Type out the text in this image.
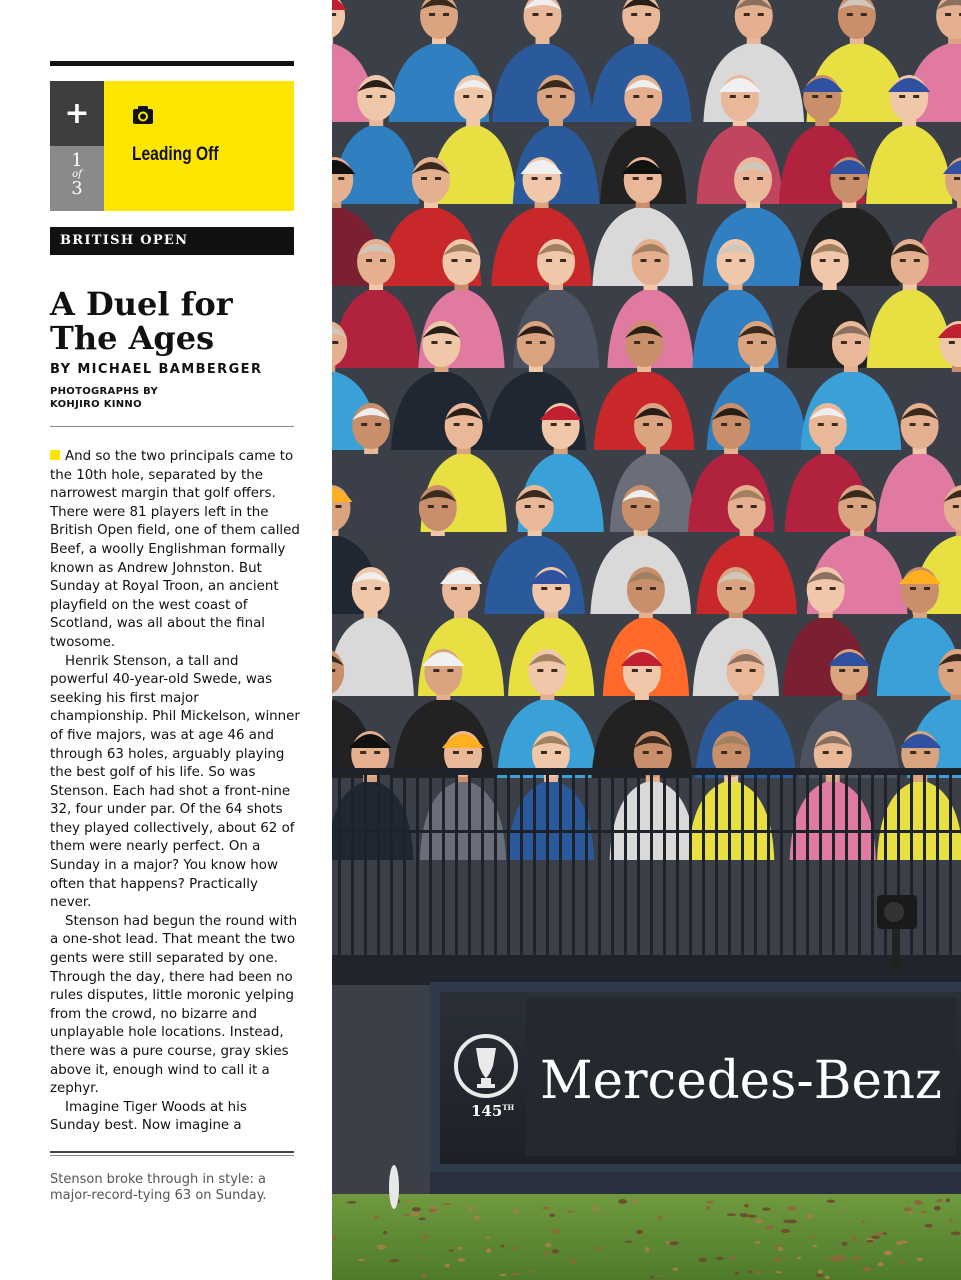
+
1
of
3
Leading Off
BRITISH OPEN
A Duel for
The Ages
BY MICHAEL BAMBERGER
PHOTOGRAPHS BY
KOHJIRO KINNO

And so the two principals came to the 10th hole, separated by the narrowest margin that golf offers. There were 81 players left in the British Open field, one of them called Beef, a woolly Englishman formally known as Andrew Johnston. But Sunday at Royal Troon, an ancient playfield on the west coast of Scotland, was all about the final twosome.

Henrik Stenson, a tall and powerful 40-year-old Swede, was seeking his first major championship. Phil Mickelson, winner of five majors, was at age 46 and through 63 holes, arguably playing the best golf of his life. So was Stenson. Each had shot a front-nine 32, four under par. Of the 64 shots they played collectively, about 62 of them were nearly perfect. On a Sunday in a major? You know how often that happens? Practically never.

Stenson had begun the round with a one-shot lead. That meant the two gents were still separated by one. Through the day, there had been no rules disputes, little moronic yelping from the crowd, no bizarre and unplayable hole locations. Instead, there was a pure course, gray skies above it, enough wind to call it a zephyr.

Imagine Tiger Woods at his Sunday best. Now imagine a

Stenson broke through in style: a major-record-tying 63 on Sunday.
145TH Mercedes-Benz
